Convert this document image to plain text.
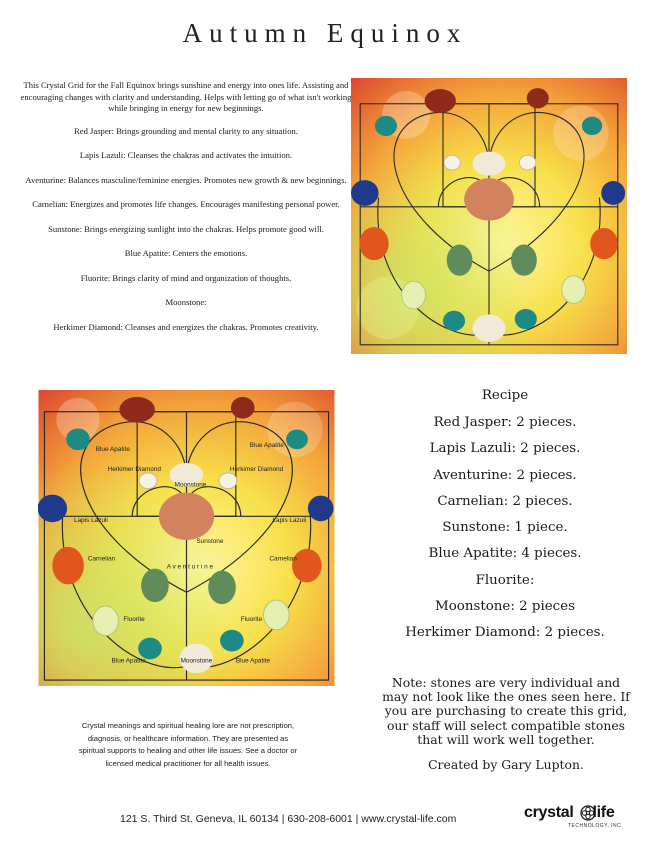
Autumn Equinox

This Crystal Grid for the Fall Equinox brings sunshine and energy into ones life. Assisting and encouraging changes with clarity and understanding. Helps with letting go of what isn't working while bringing in energy for new beginnings.

Red Jasper: Brings grounding and mental clarity to any situation.

Lapis Lazuli: Cleanses the chakras and activates the intuition.

Aventurine: Balances masculine/feminine energies. Promotes new growth & new beginnings.

Carnelian: Energizes and promotes life changes. Encourages manifesting personal power.

Sunstone: Brings energizing sunlight into the chakras. Helps promote good will.

Blue Apatite: Centers the emotions.

Fluorite: Brings clarity of mind and organization of thoughts.

Moonstone:

Herkimer Diamond: Cleanses and energizes the chakras. Promotes creativity.

Blue Apatite
Blue Apatite
Herkimer Diamond	Herkimer Diamond
Moonstone
Lapis Lazuli	Lapis Lazuli
Sunstone
Carnelian	Carnelian
A v e n t u r i n e
Fluorite	Fluorite
Blue Apatite	Moonstone	Blue Apatite
Recipe
Red Jasper: 2 pieces.
Lapis Lazuli: 2 pieces.
Aventurine: 2 pieces.
Carnelian: 2 pieces.
Sunstone: 1 piece.
Blue Apatite: 4 pieces.
Fluorite:
Moonstone: 2 pieces
Herkimer Diamond: 2 pieces.
Note: stones are very individual and may not look like the ones seen here. If you are purchasing to create this grid, our staff will select compatible stones that will work well together.
Created by Gary Lupton.
Crystal meanings and spiritual healing lore are not prescription, diagnosis, or healthcare information. They are presented as spiritual supports to healing and other life issues. See a doctor or licensed medical practitioner for all health issues.
121 S. Third St. Geneva, IL 60134 | 630-208-6001 | www.crystal-life.com	crystal life
TECHNOLOGY, INC
